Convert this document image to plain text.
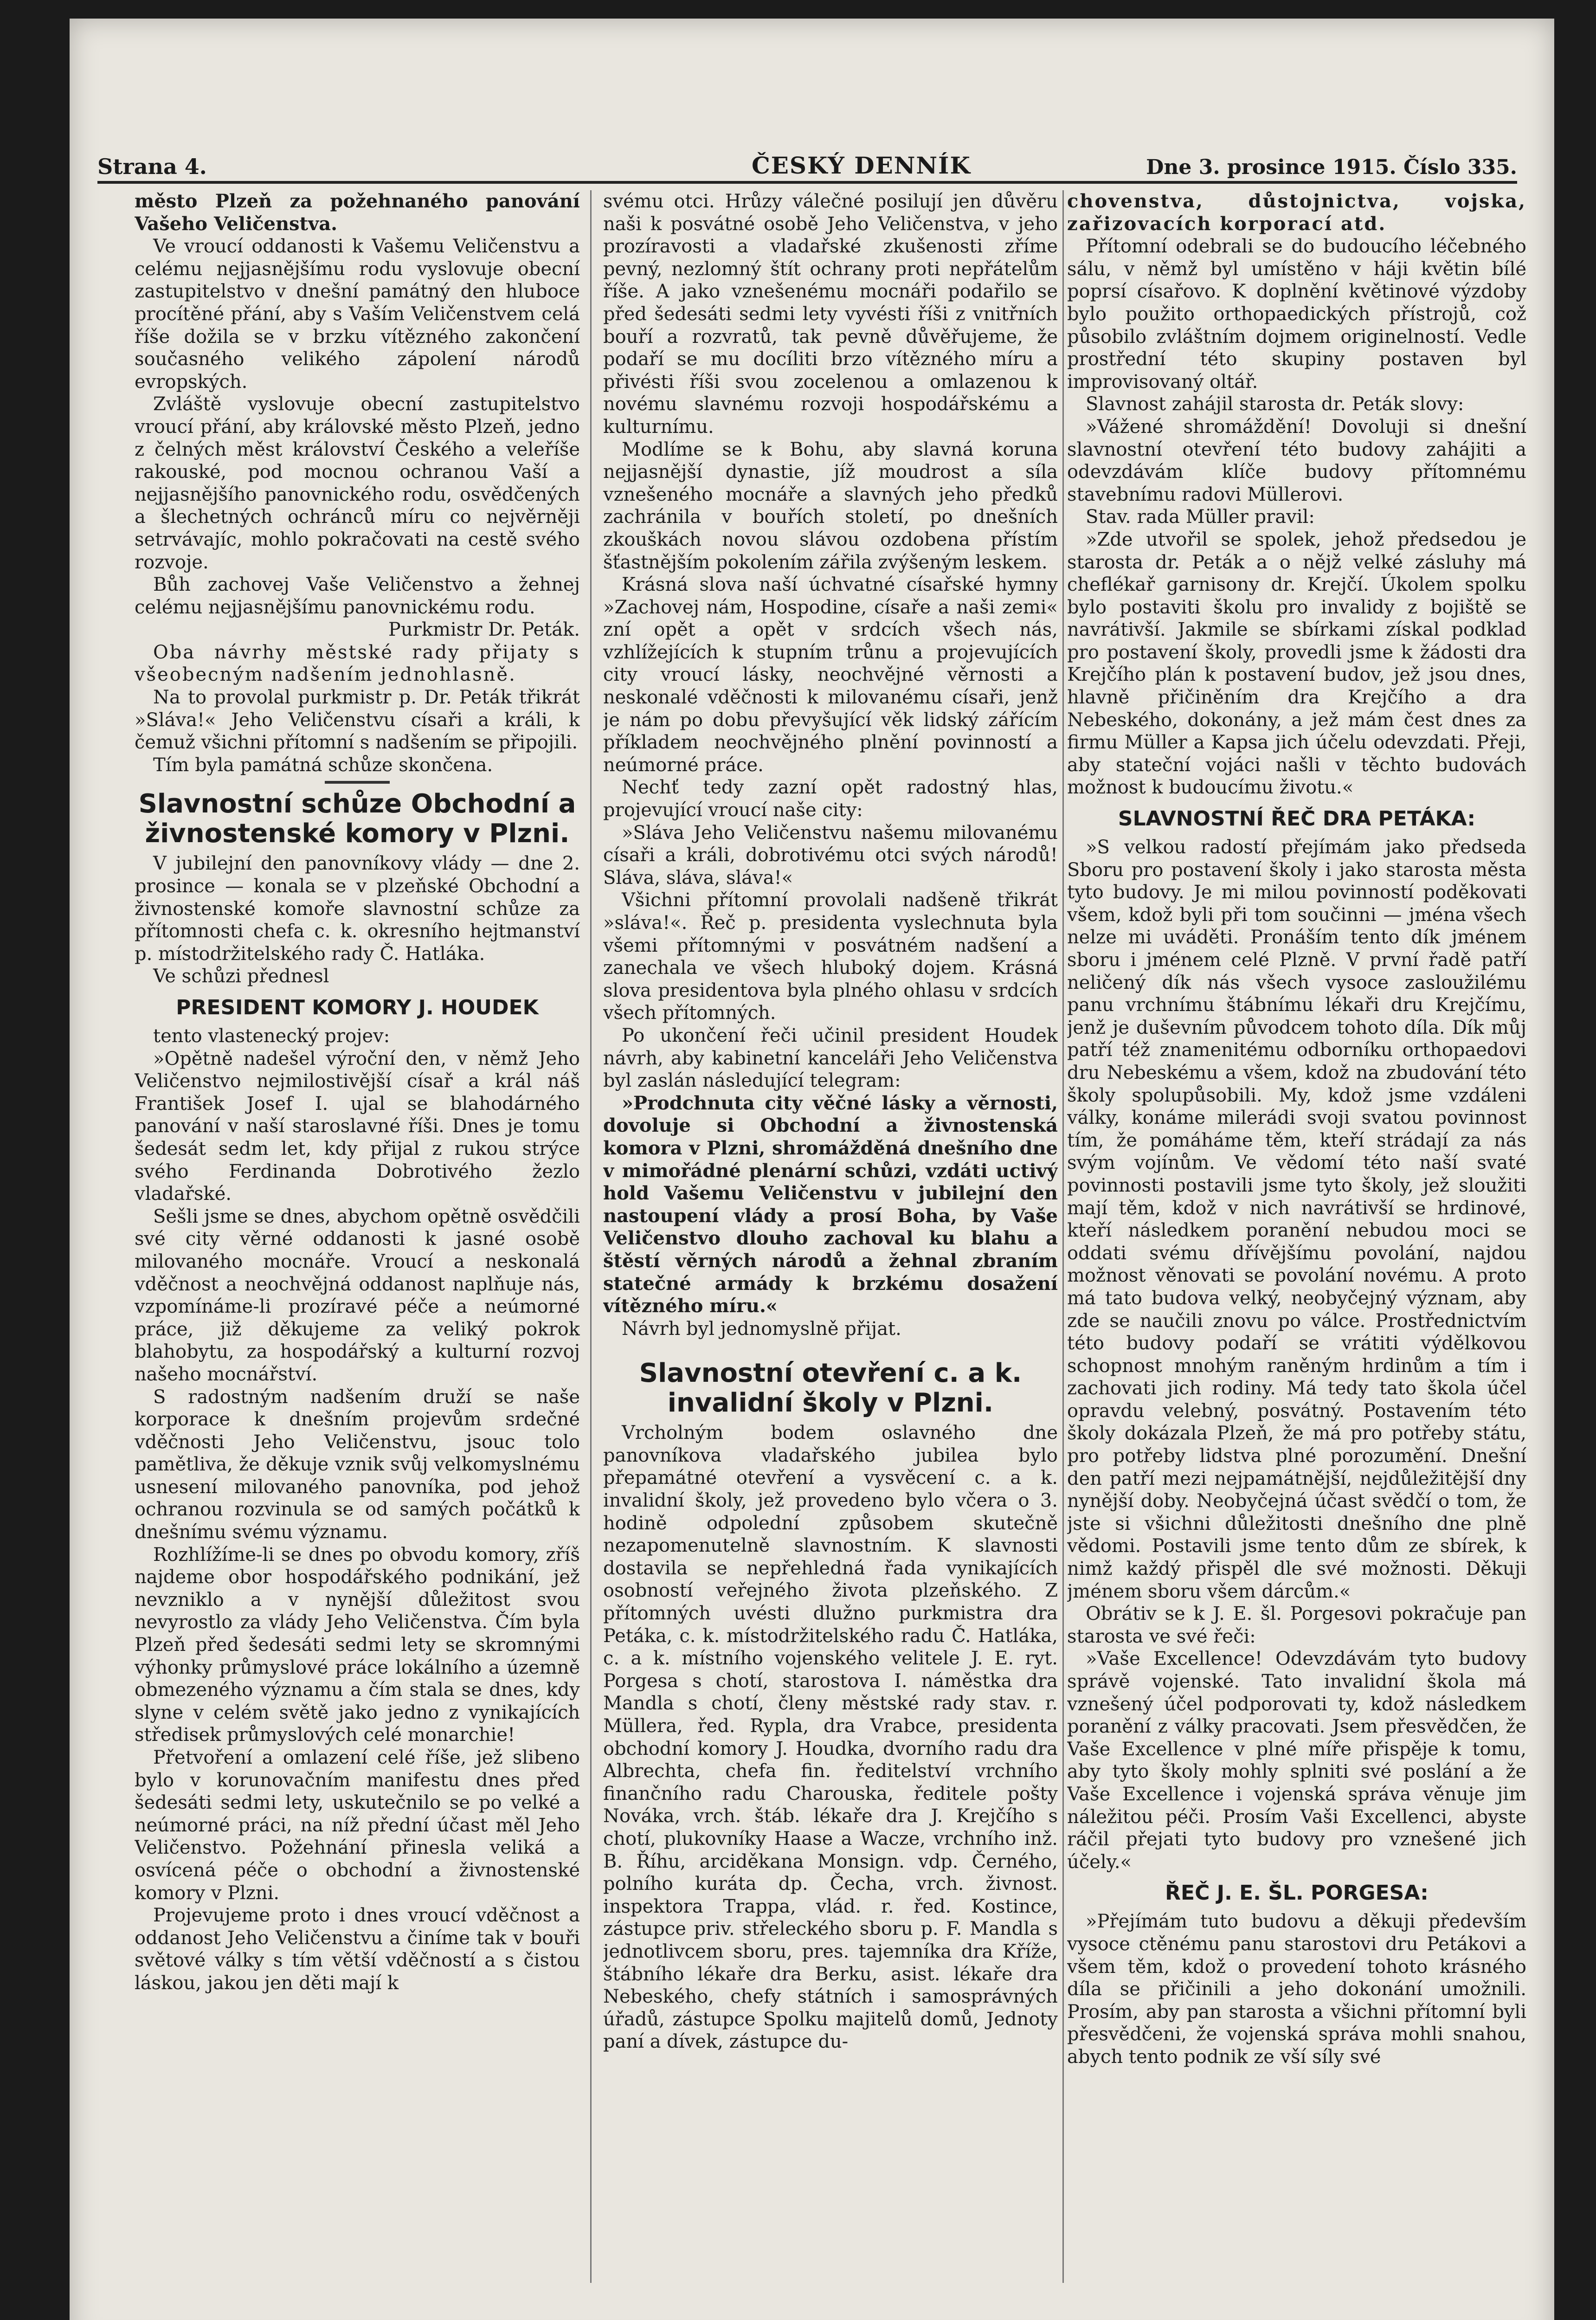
Strana 4.	ČESKÝ DENNÍK	Dne 3. prosince 1915. Číslo 335.

město Plzeň za požehnaného panování Vašeho Veličenstva.

Ve vroucí oddanosti k Vašemu Veličenstvu a celému nejjasnějšímu rodu vyslovuje obecní zastupitelstvo v dnešní památný den hluboce procítěné přání, aby s Vaším Veličenstvem celá říše dožila se v brzku vítězného zakončení současného velikého zápolení národů evropských.

Zvláště vyslovuje obecní zastupitelstvo vroucí přání, aby královské město Plzeň, jedno z čelných měst království Českého a veleříše rakouské, pod mocnou ochranou Vaší a nejjasnějšího panovnického rodu, osvědčených a šlechetných ochránců míru co nejvěrněji setrvávajíc, mohlo pokračovati na cestě svého rozvoje.

Bůh zachovej Vaše Veličenstvo a žehnej celému nejjasnějšímu panovnickému rodu.

Purkmistr Dr. Peták.

Oba návrhy městské rady přijaty s všeobecným nadšením jednohlasně.

Na to provolal purkmistr p. Dr. Peták třikrát »Sláva!« Jeho Veličenstvu císaři a králi, k čemuž všichni přítomní s nadšením se připojili.

Tím byla památná schůze skončena.

Slavnostní schůze Obchodní a živnostenské komory v Plzni.

V jubilejní den panovníkovy vlády — dne 2. prosince — konala se v plzeňské Obchodní a živnostenské komoře slavnostní schůze za přítomnosti chefa c. k. okresního hejtmanství p. místodržitelského rady Č. Hatláka.

Ve schůzi přednesl

PRESIDENT KOMORY J. HOUDEK

tento vlastenecký projev:

»Opětně nadešel výroční den, v němž Jeho Veličenstvo nejmilostivější císař a král náš František Josef I. ujal se blahodárného panování v naší staroslavné říši. Dnes je tomu šedesát sedm let, kdy přijal z rukou strýce svého Ferdinanda Dobrotivého žezlo vladařské.

Sešli jsme se dnes, abychom opětně osvědčili své city věrné oddanosti k jasné osobě milovaného mocnáře. Vroucí a neskonalá vděčnost a neochvějná oddanost naplňuje nás, vzpomínáme-li prozíravé péče a neúmorné práce, již děkujeme za veliký pokrok blahobytu, za hospodářský a kulturní rozvoj našeho mocnářství.

S radostným nadšením druží se naše korporace k dnešním projevům srdečné vděčnosti Jeho Veličenstvu, jsouc tolo pamětliva, že děkuje vznik svůj velkomyslnému usnesení milovaného panovníka, pod jehož ochranou rozvinula se od samých počátků k dnešnímu svému významu.

Rozhlížíme-li se dnes po obvodu komory, zříš najdeme obor hospodářského podnikání, jež nevzniklo a v nynější důležitost svou nevyrostlo za vlády Jeho Veličenstva. Čím byla Plzeň před šedesáti sedmi lety se skromnými výhonky průmyslové práce lokálního a územně obmezeného významu a čím stala se dnes, kdy slyne v celém světě jako jedno z vynikajících středisek průmyslových celé monarchie!

Přetvoření a omlazení celé říše, jež slibeno bylo v korunovačním manifestu dnes před šedesáti sedmi lety, uskutečnilo se po velké a neúmorné práci, na níž přední účast měl Jeho Veličenstvo. Požehnání přinesla veliká a osvícená péče o obchodní a živnostenské komory v Plzni.

Projevujeme proto i dnes vroucí vděčnost a oddanost Jeho Veličenstvu a činíme tak v bouři světové války s tím větší vděčností a s čistou láskou, jakou jen děti mají k

svému otci. Hrůzy válečné posilují jen důvěru naši k posvátné osobě Jeho Veličenstva, v jeho prozíravosti a vladařské zkušenosti zříme pevný, nezlomný štít ochrany proti nepřátelům říše. A jako vznešenému mocnáři podařilo se před šedesáti sedmi lety vyvésti říši z vnitřních bouří a rozvratů, tak pevně důvěřujeme, že podaří se mu docíliti brzo vítězného míru a přivésti říši svou zocelenou a omlazenou k novému slavnému rozvoji hospodářskému a kulturnímu.

Modlíme se k Bohu, aby slavná koruna nejjasnější dynastie, jíž moudrost a síla vznešeného mocnáře a slavných jeho předků zachránila v bouřích století, po dnešních zkouškách novou slávou ozdobena přístím šťastnějším pokolením zářila zvýšeným leskem.

Krásná slova naší úchvatné císařské hymny »Zachovej nám, Hospodine, císaře a naši zemi« zní opět a opět v srdcích všech nás, vzhlížejících k stupním trůnu a projevujících city vroucí lásky, neochvějné věrnosti a neskonalé vděčnosti k milovanému císaři, jenž je nám po dobu převyšující věk lidský zářícím příkladem neochvějného plnění povinností a neúmorné práce.

Nechť tedy zazní opět radostný hlas, projevující vroucí naše city:

»Sláva Jeho Veličenstvu našemu milovanému císaři a králi, dobrotivému otci svých národů! Sláva, sláva, sláva!«

Všichni přítomní provolali nadšeně třikrát »sláva!«. Řeč p. presidenta vyslechnuta byla všemi přítomnými v posvátném nadšení a zanechala ve všech hluboký dojem. Krásná slova presidentova byla plného ohlasu v srdcích všech přítomných.

Po ukončení řeči učinil president Houdek návrh, aby kabinetní kanceláři Jeho Veličenstva byl zaslán následující telegram:

»Prodchnuta city věčné lásky a věrnosti, dovoluje si Obchodní a živnostenská komora v Plzni, shromážděná dnešního dne v mimořádné plenární schůzi, vzdáti uctivý hold Vašemu Veličenstvu v jubilejní den nastoupení vlády a prosí Boha, by Vaše Veličenstvo dlouho zachoval ku blahu a štěstí věrných národů a žehnal zbraním statečné armády k brzkému dosažení vítězného míru.«

Návrh byl jednomyslně přijat.

Slavnostní otevření c. a k. invalidní školy v Plzni.

Vrcholným bodem oslavného dne panovníkova vladařského jubilea bylo přepamátné otevření a vysvěcení c. a k. invalidní školy, jež provedeno bylo včera o 3. hodině odpolední způsobem skutečně nezapomenutelně slavnostním. K slavnosti dostavila se nepřehledná řada vynikajících osobností veřejného života plzeňského. Z přítomných uvésti dlužno purkmistra dra Petáka, c. k. místodržitelského radu Č. Hatláka, c. a k. místního vojenského velitele J. E. ryt. Porgesa s chotí, starostova I. náměstka dra Mandla s chotí, členy městské rady stav. r. Müllera, řed. Rypla, dra Vrabce, presidenta obchodní komory J. Houdka, dvorního radu dra Albrechta, chefa fin. ředitelství vrchního finančního radu Charouska, ředitele pošty Nováka, vrch. štáb. lékaře dra J. Krejčího s chotí, plukovníky Haase a Wacze, vrchního inž. B. Říhu, arciděkana Monsign. vdp. Černého, polního kuráta dp. Čecha, vrch. živnost. inspektora Trappa, vlád. r. řed. Kostince, zástupce priv. střeleckého sboru p. F. Mandla s jednotlivcem sboru, pres. tajemníka dra Kříže, štábního lékaře dra Berku, asist. lékaře dra Nebeského, chefy státních i samosprávných úřadů, zástupce Spolku majitelů domů, Jednoty paní a dívek, zástupce du-

chovenstva, důstojnictva, vojska, zařizovacích korporací atd.

Přítomní odebrali se do budoucího léčebného sálu, v němž byl umístěno v háji květin bílé poprsí císařovo. K doplnění květinové výzdoby bylo použito orthopaedických přístrojů, což působilo zvláštním dojmem originelností. Vedle prostřední této skupiny postaven byl improvisovaný oltář.

Slavnost zahájil starosta dr. Peták slovy:

»Vážené shromáždění! Dovoluji si dnešní slavnostní otevření této budovy zahájiti a odevzdávám klíče budovy přítomnému stavebnímu radovi Müllerovi.

Stav. rada Müller pravil:

»Zde utvořil se spolek, jehož předsedou je starosta dr. Peták a o nějž velké zásluhy má cheflékař garnisony dr. Krejčí. Úkolem spolku bylo postaviti školu pro invalidy z bojiště se navrátivší. Jakmile se sbírkami získal podklad pro postavení školy, provedli jsme k žádosti dra Krejčího plán k postavení budov, jež jsou dnes, hlavně přičiněním dra Krejčího a dra Nebeského, dokonány, a jež mám čest dnes za firmu Müller a Kapsa jich účelu odevzdati. Přeji, aby stateční vojáci našli v těchto budovách možnost k budoucímu životu.«

SLAVNOSTNÍ ŘEČ DRA PETÁKA:

»S velkou radostí přejímám jako předseda Sboru pro postavení školy i jako starosta města tyto budovy. Je mi milou povinností poděkovati všem, kdož byli při tom součinni — jména všech nelze mi uváděti. Pronáším tento dík jménem sboru i jménem celé Plzně. V první řadě patří neličený dík nás všech vysoce zasloužilému panu vrchnímu štábnímu lékaři dru Krejčímu, jenž je duševním původcem tohoto díla. Dík můj patří též znamenitému odborníku orthopaedovi dru Nebeskému a všem, kdož na zbudování této školy spolupůsobili. My, kdož jsme vzdáleni války, konáme milerádi svoji svatou povinnost tím, že pomáháme těm, kteří strádají za nás svým vojínům. Ve vědomí této naší svaté povinnosti postavili jsme tyto školy, jež sloužiti mají těm, kdož v nich navrátivší se hrdinové, kteří následkem poranění nebudou moci se oddati svému dřívějšímu povolání, najdou možnost věnovati se povolání novému. A proto má tato budova velký, neobyčejný význam, aby zde se naučili znovu po válce. Prostřednictvím této budovy podaří se vrátiti výdělkovou schopnost mnohým raněným hrdinům a tím i zachovati jich rodiny. Má tedy tato škola účel opravdu velebný, posvátný. Postavením této školy dokázala Plzeň, že má pro potřeby státu, pro potřeby lidstva plné porozumění. Dnešní den patří mezi nejpamátnější, nejdůležitější dny nynější doby. Neobyčejná účast svědčí o tom, že jste si všichni důležitosti dnešního dne plně vědomi. Postavili jsme tento dům ze sbírek, k nimž každý přispěl dle své možnosti. Děkuji jménem sboru všem dárcům.«

Obrátiv se k J. E. šl. Porgesovi pokračuje pan starosta ve své řeči:

»Vaše Excellence! Odevzdávám tyto budovy správě vojenské. Tato invalidní škola má vznešený účel podporovati ty, kdož následkem poranění z války pracovati. Jsem přesvědčen, že Vaše Excellence v plné míře přispěje k tomu, aby tyto školy mohly splniti své poslání a že Vaše Excellence i vojenská správa věnuje jim náležitou péči. Prosím Vaši Excellenci, abyste ráčil přejati tyto budovy pro vznešené jich účely.«

ŘEČ J. E. ŠL. PORGESA:

»Přejímám tuto budovu a děkuji především vysoce ctěnému panu starostovi dru Petákovi a všem těm, kdož o provedení tohoto krásného díla se přičinili a jeho dokonání umožnili. Prosím, aby pan starosta a všichni přítomní byli přesvědčeni, že vojenská správa mohli snahou, abych tento podnik ze vší síly své
